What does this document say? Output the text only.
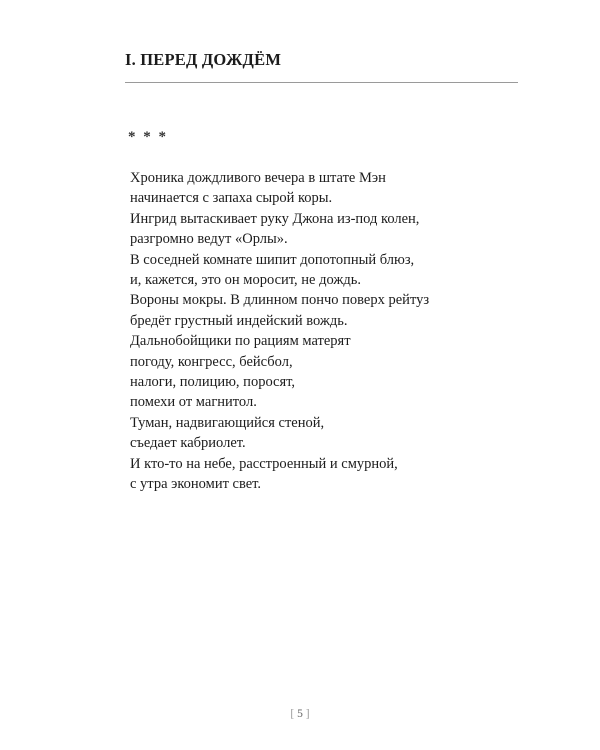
I. ПЕРЕД ДОЖДЁМ
* * *
Хроника дождливого вечера в штате Мэн
начинается с запаха сырой коры.
Ингрид вытаскивает руку Джона из-под колен,
разгромно ведут «Орлы».
В соседней комнате шипит допотопный блюз,
и, кажется, это он моросит, не дождь.
Вороны мокры. В длинном пончо поверх рейтуз
бредёт грустный индейский вождь.
Дальнобойщики по рациям матерят
погоду, конгресс, бейсбол,
налоги, полицию, поросят,
помехи от магнитол.
Туман, надвигающийся стеной,
съедает кабриолет.
И кто-то на небе, расстроенный и смурной,
с утра экономит свет.
[ 5 ]
